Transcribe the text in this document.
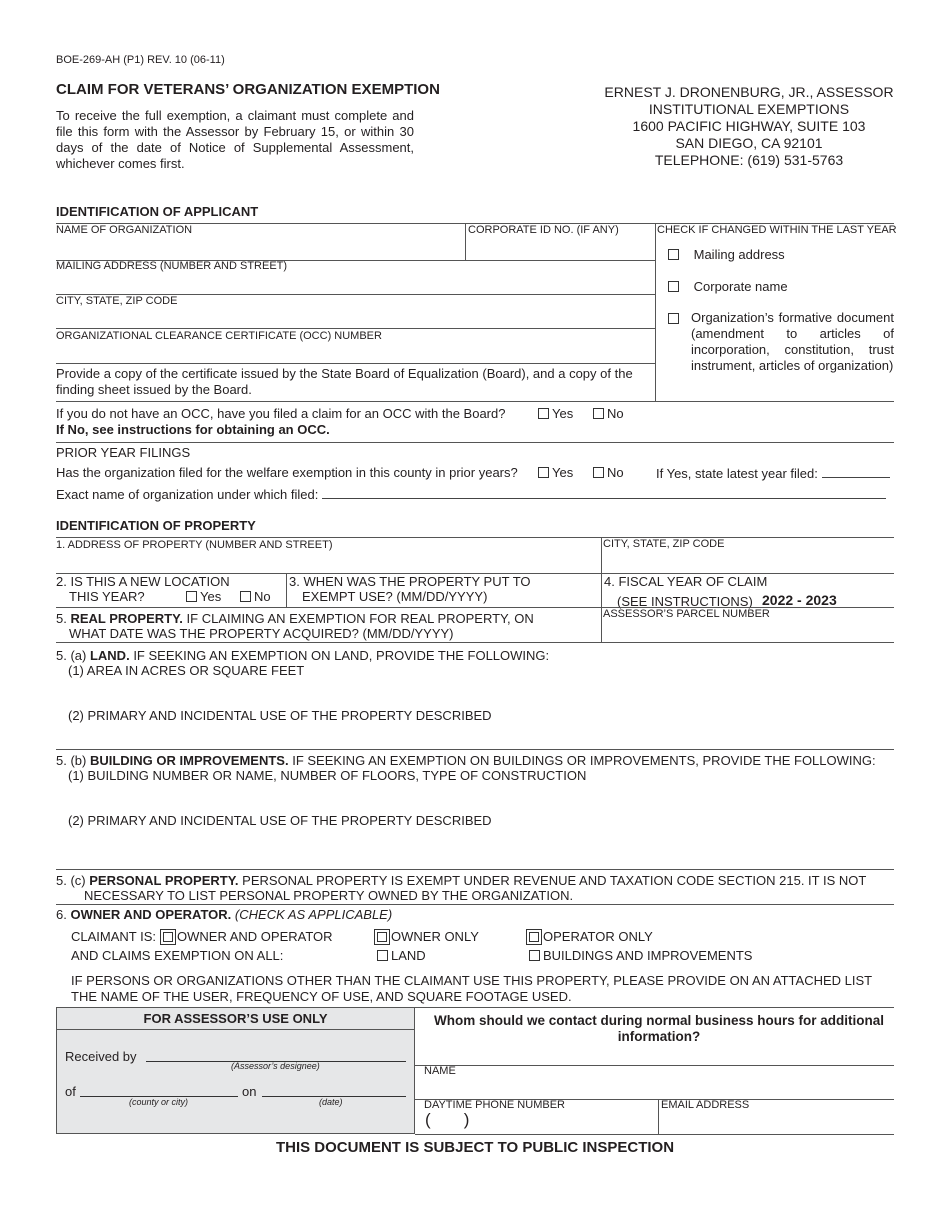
BOE-269-AH (P1) REV. 10 (06-11)
CLAIM FOR VETERANS’ ORGANIZATION EXEMPTION
To receive the full exemption, a claimant must complete and file this form with the Assessor by February 15, or within 30 days of the date of Notice of Supplemental Assessment, whichever comes first.
ERNEST J. DRONENBURG, JR., ASSESSOR
INSTITUTIONAL EXEMPTIONS
1600 PACIFIC HIGHWAY, SUITE 103
SAN DIEGO, CA 92101
TELEPHONE: (619) 531-5763
IDENTIFICATION OF APPLICANT
NAME OF ORGANIZATION	CORPORATE ID NO. (IF ANY)
MAILING ADDRESS (NUMBER AND STREET)
CITY, STATE, ZIP CODE
ORGANIZATIONAL CLEARANCE CERTIFICATE (OCC) NUMBER
Provide a copy of the certificate issued by the State Board of Equalization (Board), and a copy of the finding sheet issued by the Board.
CHECK IF CHANGED WITHIN THE LAST YEAR
Mailing address
Corporate name
Organization’s formative document (amendment to articles of incorporation, constitution, trust instrument, articles of organization)
If you do not have an OCC, have you filed a claim for an OCC with the Board?	Yes	No
If No, see instructions for obtaining an OCC.
PRIOR YEAR FILINGS
Has the organization filed for the welfare exemption in this county in prior years?	Yes	No If Yes, state latest year filed:
Exact name of organization under which filed:
IDENTIFICATION OF PROPERTY
1. ADDRESS OF PROPERTY (NUMBER AND STREET)	CITY, STATE, ZIP CODE
2. IS THIS A NEW LOCATION
THIS YEAR?	Yes	No
3. WHEN WAS THE PROPERTY PUT TO
EXEMPT USE? (MM/DD/YYYY)
4. FISCAL YEAR OF CLAIM
(SEE INSTRUCTIONS) 2022 - 2023
5. REAL PROPERTY. IF CLAIMING AN EXEMPTION FOR REAL PROPERTY, ON
WHAT DATE WAS THE PROPERTY ACQUIRED? (MM/DD/YYYY)
ASSESSOR’S PARCEL NUMBER
5. (a) LAND. IF SEEKING AN EXEMPTION ON LAND, PROVIDE THE FOLLOWING:
(1) AREA IN ACRES OR SQUARE FEET
(2) PRIMARY AND INCIDENTAL USE OF THE PROPERTY DESCRIBED
5. (b) BUILDING OR IMPROVEMENTS. IF SEEKING AN EXEMPTION ON BUILDINGS OR IMPROVEMENTS, PROVIDE THE FOLLOWING:
(1) BUILDING NUMBER OR NAME, NUMBER OF FLOORS, TYPE OF CONSTRUCTION
(2) PRIMARY AND INCIDENTAL USE OF THE PROPERTY DESCRIBED
5. (c) PERSONAL PROPERTY. PERSONAL PROPERTY IS EXEMPT UNDER REVENUE AND TAXATION CODE SECTION 215. IT IS NOT
NECESSARY TO LIST PERSONAL PROPERTY OWNED BY THE ORGANIZATION.
6. OWNER AND OPERATOR. (CHECK AS APPLICABLE)
CLAIMANT IS:	OWNER AND OPERATOR	OWNER ONLY	OPERATOR ONLY
AND CLAIMS EXEMPTION ON ALL:	LAND	BUILDINGS AND IMPROVEMENTS
IF PERSONS OR ORGANIZATIONS OTHER THAN THE CLAIMANT USE THIS PROPERTY, PLEASE PROVIDE ON AN ATTACHED LIST THE NAME OF THE USER, FREQUENCY OF USE, AND SQUARE FOOTAGE USED.
FOR ASSESSOR’S USE ONLY
Received by
(Assessor’s designee)
of	on
(county or city)	(date)
Whom should we contact during normal business hours for additional information?
NAME
DAYTIME PHONE NUMBER
(       )
EMAIL ADDRESS
THIS DOCUMENT IS SUBJECT TO PUBLIC INSPECTION
